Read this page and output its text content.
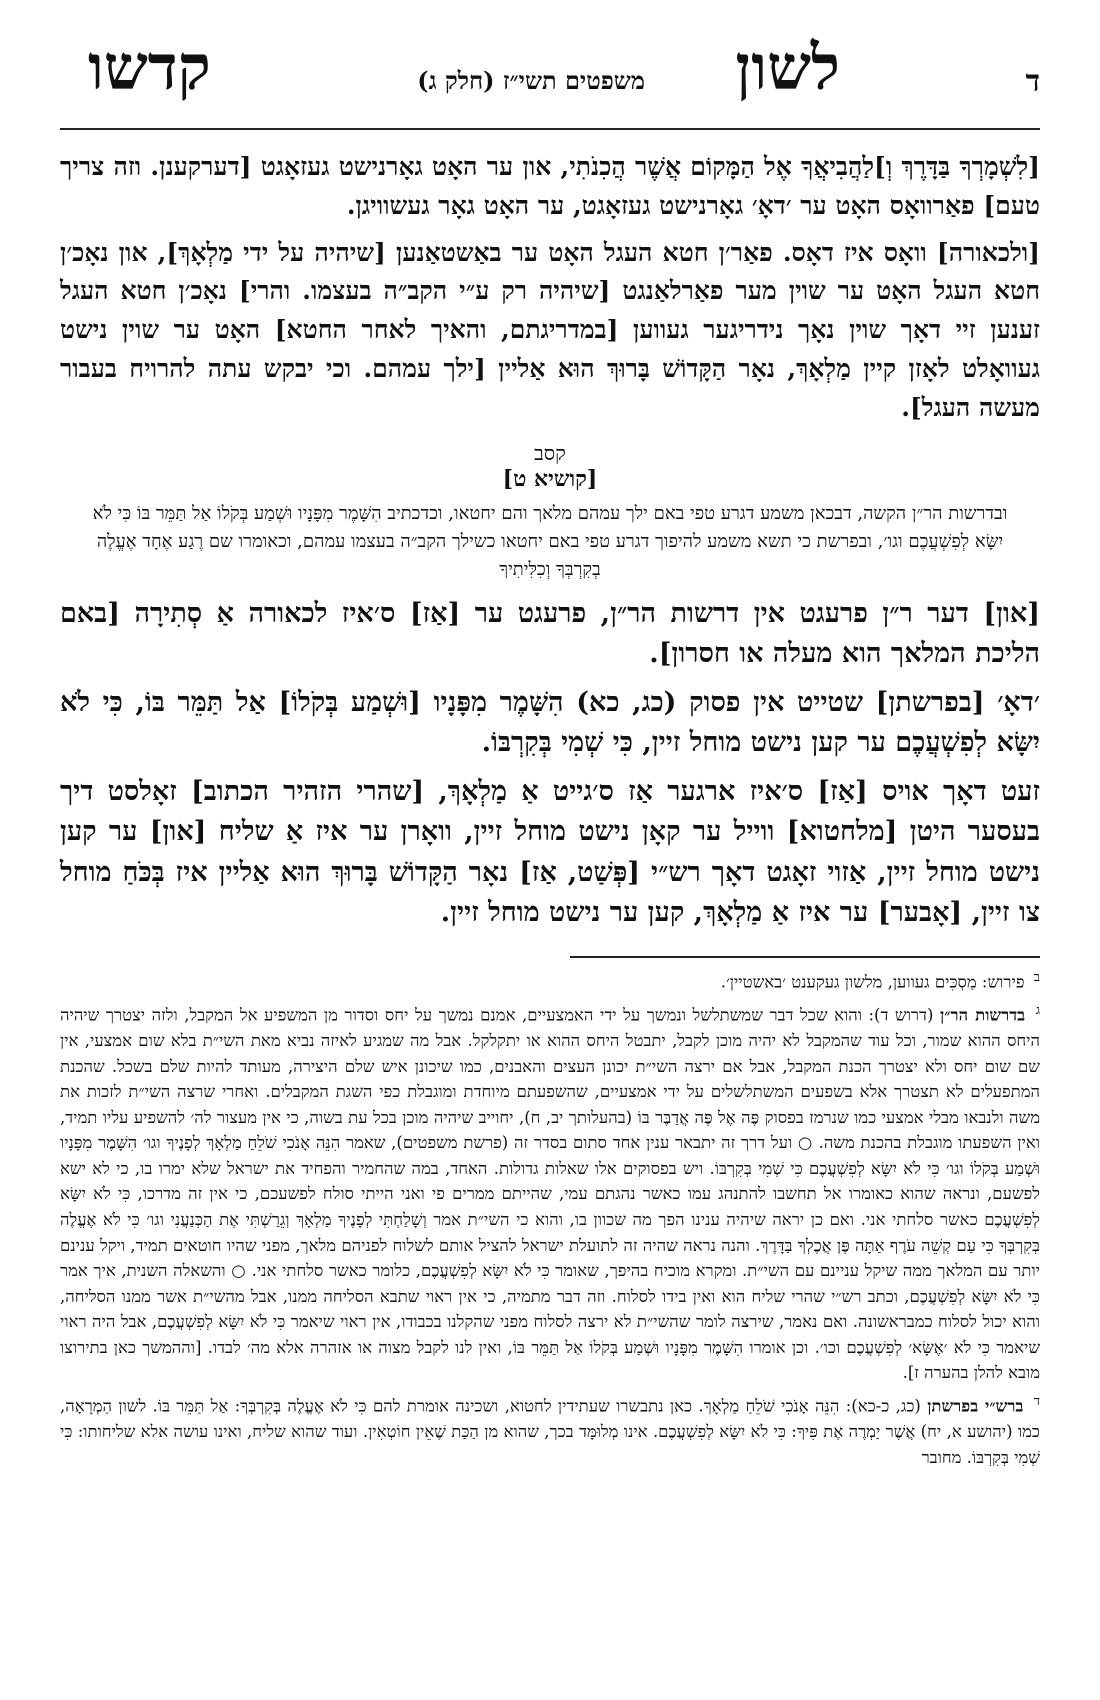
ד
לשון
משפטים תשי״ז (חלק ג)
קדשו

[לִשְׁמָרְךָ בַּדָּרֶךְ וְ]לַהֲבִיאֲךָ אֶל הַמָּקוֹם אֲשֶׁר הֲכִנֹתִי, און ער האָט גאָרנישט געזאָגט [דערקענן. וזה צריך טעם] פאַרוואָס האָט ער ׳דאָ׳ גאָרנישט געזאָגט, ער האָט גאָר געשוויגן.

[ולכאורה] וואָס איז דאָס. פאַר׳ן חטא העגל האָט ער באַשטאַנען [שיהיה על ידי מַלְאָךְ], און נאָכ׳ן חטא העגל האָט ער שוין מער פאַרלאַנגט [שיהיה רק ע״י הקב״ה בעצמו. והרי] נאָכ׳ן חטא העגל זענען זיי דאָך שוין נאָך נידריגער געווען [במדריגתם, והאיך לאחר החטא] האָט ער שוין נישט געוואָלט לאָזן קיין מַלְאָךְ, נאָר הַקָּדוֹשׁ בָּרוּךְ הוּא אַליין [ילך עמהם. וכי יבקש עתה להרויח בעבור מעשה העגל].

קסב
[קושיא ט]
ובדרשות הר״ן הקשה, דבכאן משמע דגרע טפי באם ילך עמהם מלאך והם יחטאו, וכדכתיב הִשָּׁמֶר מִפָּנָיו וּשְׁמַע בְּקֹלוֹ אַל תַּמֵּר בּוֹ כִּי לֹא יִשָּׂא לְפִשְׁעֲכֶם וגו׳, ובפרשת כי תשא משמע להיפוך דגרע טפי באם יחטאו כשילך הקב״ה בעצמו עמהם, וכאומרו שם רֶגַע אֶחָד אֶעֱלֶה בְקִרְבְּךָ וְכִלִּיתִיךָ

[און] דער ר״ן פרעגט אין דרשות הר״ן, פרעגט ער [אַז] ס׳איז לכאורה אַ סְתִירָה [באם הליכת המלאך הוא מעלה או חסרון].

׳דאָ׳ [בפרשתן] שטייט אין פסוק (כג, כא) הִשָּׁמֶר מִפָּנָיו [וּשְׁמַע בְּקֹלוֹ] אַל תַּמֵּר בּוֹ, כִּי לֹא יִשָּׂא לְפִשְׁעֲכֶם ער קען נישט מוחל זיין, כִּי שְׁמִי בְּקִרְבּוֹ.

זעט דאָך אויס [אַז] ס׳איז ארגער אַז ס׳גייט אַ מַלְאָךְ, [שהרי הזהיר הכתוב] זאָלסט דיך בעסער היטן [מלחטוא] ווייל ער קאָן נישט מוחל זיין, וואָרן ער איז אַ שליח [און] ער קען נישט מוחל זיין, אַזוי זאָגט דאָך רש״י [פְּשַׁט, אַז] נאָר הַקָּדוֹשׁ בָּרוּךְ הוּא אַליין איז בְּכֹּחַ מוחל צו זיין, [אָבער] ער איז אַ מַלְאָךְ, קען ער נישט מוחל זיין.

$^ב$ פירוש: מַסְכִּים געווען, מלשון געקענט ׳באשטיין׳.
$^ג$ בדרשות הר״ן (דרוש ד): והוא שכל דבר שמשתלשל ונמשך על ידי האמצעיים, אמנם נמשך על יחס וסדור מן המשפיע אל המקבל, ולזה יצטרך שיהיה היחס ההוא שמור, וכל עוד שהמקבל לא יהיה מוכן לקבל, יתבטל היחס ההוא או יתקלקל. אבל מה שמגיע לאיזה נביא מאת השי״ת בלא שום אמצעי, אין שם שום יחס ולא יצטרך הכנת המקבל, אבל אם ירצה השי״ת יכונן העצים והאבנים, כמו שיכונן איש שלם היצירה, מעותד להיות שלם בשכל. שהכנת המתפעלים לא תצטרך אלא בשפעים המשתלשלים על ידי אמצעיים, שהשפעתם מיוחדת ומוגבלת כפי השגת המקבלים. ואחרי שרצה השי״ת לזכות את משה ולנבאו מבלי אמצעי כמו שנרמז בפסוק פֶּה אֶל פֶּה אֲדַבֶּר בּוֹ (בהעלותך יב, ח), יחוייב שיהיה מוכן בכל עת בשוה, כי אין מעצור לה׳ להשפיע עליו תמיד, ואין השפעתו מוגבלת בהכנת משה. ○ ועל דרך זה יתבאר ענין אחד סתום בסדר זה (פרשת משפטים), שאמר הִנֵּה אָנֹכִי שֹׁלֵחַ מַלְאָךְ לְפָנֶיךָ וגו׳ הִשָּׁמֶר מִפָּנָיו וּשְׁמַע בְּקֹלוֹ וגו׳ כִּי לֹא יִשָּׂא לְפִשְׁעֲכֶם כִּי שְׁמִי בְּקִרְבּוֹ. ויש בפסוקים אלו שאלות גדולות. האחד, במה שהחמיר והפחיד את ישראל שלא ימרו בו, כי לא ישא לפשעם, ונראה שהוא כאומרו אל תחשבו להתנהג עמו כאשר נהגתם עמי, שהייתם ממרים פי ואני הייתי סולח לפשעכם, כי אין זה מדרכו, כִּי לֹא יִשָּׂא לְפִשְׁעֲכֶם כאשר סלחתי אני. ואם כן יראה שיהיה ענינו הפך מה שכוון בו, והוא כי השי״ת אמר וְשָׁלַחְתִּי לְפָנֶיךָ מַלְאָךְ וְגֵרַשְׁתִּי אֶת הַכְּנַעֲנִי וגו׳ כִּי לֹא אֶעֱלֶה בְּקִרְבְּךָ כִּי עַם קְשֵׁה עֹרֶף אַתָּה פֶּן אֲכֶלְךָ בַּדָּרֶךְ. והנה נראה שהיה זה לתועלת ישראל להציל אותם לשלוח לפניהם מלאך, מפני שהיו חוטאים תמיד, ויקל ענינם יותר עם המלאך ממה שיקל עניינם עם השי״ת. ומקרא מוכיח בהיפך, שאומר כִּי לֹא יִשָּׂא לְפִשְׁעֲכֶם, כלומר כאשר סלחתי אני. ○ והשאלה השנית, איך אמר כִּי לֹא יִשָּׂא לְפִשְׁעֲכֶם, וכתב רש״י שהרי שליח הוא ואין בידו לסלוח. וזה דבר מתמיה, כי אין ראוי שתבא הסליחה ממנו, אבל מהשי״ת אשר ממנו הסליחה, והוא יכול לסלוח כמבראשונה. ואם נאמר, שירצה לומר שהשי״ת לא ירצה לסלוח מפני שהקלנו בכבודו, אין ראוי שיאמר כִּי לֹא יִשָּׂא לְפִשְׁעֲכֶם, אבל היה ראוי שיאמר כִּי לֹא ׳אֶשָּׂא׳ לְפִשְׁעֲכֶם וכו׳. וכן אומרו הִשָּׁמֶר מִפָּנָיו וּשְׁמַע בְּקֹלוֹ אַל תַּמֵּר בּוֹ, ואין לנו לקבל מצוה או אזהרה אלא מה׳ לבדו. [וההמשך כאן בתירוצו מובא להלן בהערה ז].
$^ד$ ברש״י בפרשתן (כג, כ-כא): הִנֵּה אָנֹכִי שֹׁלֵחַ מַלְאָךְ. כאן נתבשרו שעתידין לחטוא, ושכינה אומרת להם כִּי לֹא אֶעֱלֶה בְּקִרְבְּךָ: אַל תַּמֵּר בּוֹ. לשון הַמְרָאָה, כמו (יהושע א, יח) אֲשֶׁר יַמְרֶה אֶת פִּיךָ: כִּי לֹא יִשָּׂא לְפִשְׁעֲכֶם. אינו מְלוּמָּד בכך, שהוא מן הַכַּת שֶׁאֵין חוֹטְאִין. ועוד שהוא שליח, ואינו עושה אלא שליחותו: כִּי שְׁמִי בְּקִרְבּוֹ. מחובר
